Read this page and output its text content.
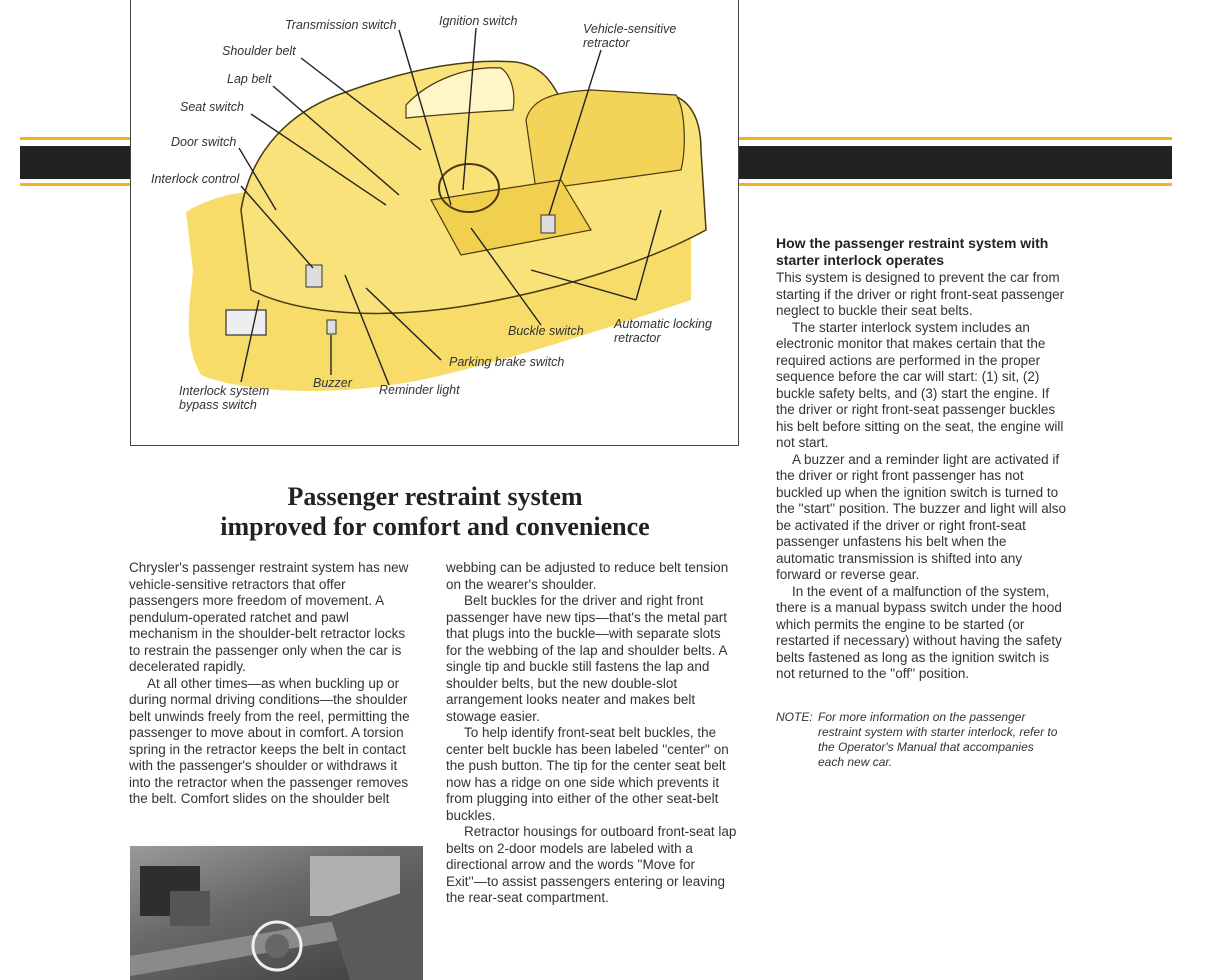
Transmission switch	Ignition switch
Vehicle-sensitive
retractor
Shoulder belt
Lap belt
Seat switch
Door switch
Interlock control
Buckle switch Automatic locking
retractor
Parking brake switch
Interlock system
bypass switch
Buzzer Reminder light
Passenger restraint system
improved for comfort and convenience

Chrysler's passenger restraint system has new vehicle-sensitive retractors that offer passengers more freedom of movement. A pendulum-operated ratchet and pawl mechanism in the shoulder-belt retractor locks to restrain the passenger only when the car is decelerated rapidly.

At all other times—as when buckling up or during normal driving conditions—the shoulder belt unwinds freely from the reel, permitting the passenger to move about in comfort. A torsion spring in the retractor keeps the belt in contact with the passenger's shoulder or withdraws it into the retractor when the passenger removes the belt. Comfort slides on the shoulder belt

webbing can be adjusted to reduce belt tension on the wearer's shoulder.

Belt buckles for the driver and right front passenger have new tips—that's the metal part that plugs into the buckle—with separate slots for the webbing of the lap and shoulder belts. A single tip and buckle still fastens the lap and shoulder belts, but the new double-slot arrangement looks neater and makes belt stowage easier.

To help identify front-seat belt buckles, the center belt buckle has been labeled ''center'' on the push button. The tip for the center seat belt now has a ridge on one side which prevents it from plugging into either of the other seat-belt buckles.

Retractor housings for outboard front-seat lap belts on 2-door models are labeled with a directional arrow and the words ''Move for Exit''—to assist passengers entering or leaving the rear-seat compartment.

How the passenger restraint system with starter interlock operates

This system is designed to prevent the car from starting if the driver or right front-seat passenger neglect to buckle their seat belts.

The starter interlock system includes an electronic monitor that makes certain that the required actions are performed in the proper sequence before the car will start: (1) sit, (2) buckle safety belts, and (3) start the engine. If the driver or right front-seat passenger buckles his belt before sitting on the seat, the engine will not start.

A buzzer and a reminder light are activated if the driver or right front passenger has not buckled up when the ignition switch is turned to the ''start'' position. The buzzer and light will also be activated if the driver or right front-seat passenger unfastens his belt when the automatic transmission is shifted into any forward or reverse gear.

In the event of a malfunction of the system, there is a manual bypass switch under the hood which permits the engine to be started (or restarted if necessary) without having the safety belts fastened as long as the ignition switch is not returned to the ''off'' position.

NOTE: For more information on the passenger restraint system with starter interlock, refer to the Operator's Manual that accompanies each new car.
